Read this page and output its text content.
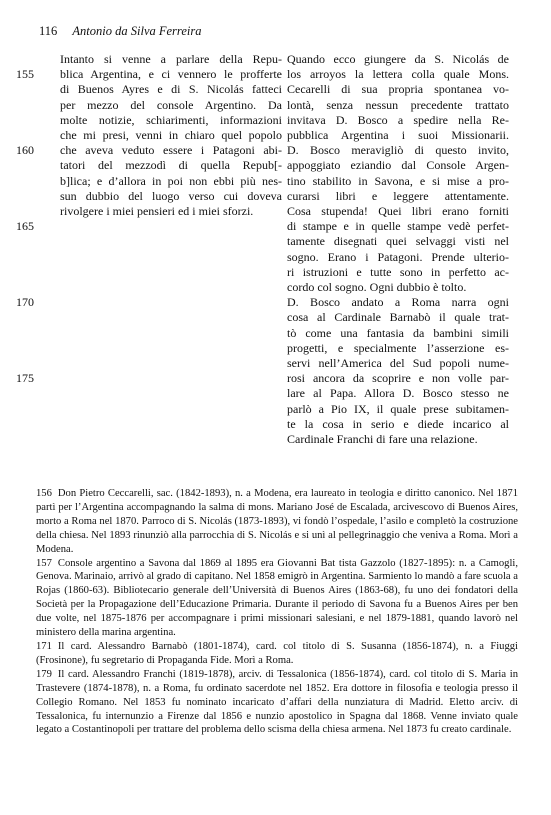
116 Antonio da Silva Ferreira
155
160
165
170
175

Intanto si venne a parlare della Repu-

blica Argentina, e ci vennero le profferte

di Buenos Ayres e di S. Nicolás fatteci

per mezzo del console Argentino. Da

molte notizie, schiarimenti, informazioni

che mi presi, venni in chiaro quel popolo

che aveva veduto essere i Patagoni abi-

tatori del mezzodì di quella Repub[-

b]lica; e d’allora in poi non ebbi più nes-

sun dubbio del luogo verso cui doveva

rivolgere i miei pensieri ed i miei sforzi.

Quando ecco giungere da S. Nicolás de

los arroyos la lettera colla quale Mons.

Cecarelli di sua propria spontanea vo-

lontà, senza nessun precedente trattato

invitava D. Bosco a spedire nella Re-

pubblica Argentina i suoi Missionarii.

D. Bosco meravigliò di questo invito,

appoggiato eziandio dal Console Argen-

tino stabilito in Savona, e si mise a pro-

curarsi libri e leggere attentamente.

Cosa stupenda! Quei libri erano forniti

di stampe e in quelle stampe vedè perfet-

tamente disegnati quei selvaggi visti nel

sogno. Erano i Patagoni. Prende ulterio-

ri istruzioni e tutte sono in perfetto ac-

cordo col sogno. Ogni dubbio è tolto.

D. Bosco andato a Roma narra ogni

cosa al Cardinale Barnabò il quale trat-

tò come una fantasia da bambini simili

progetti, e specialmente l’asserzione es-

servi nell’America del Sud popoli nume-

rosi ancora da scoprire e non volle par-

lare al Papa. Allora D. Bosco stesso ne

parlò a Pio IX, il quale prese subitamen-

te la cosa in serio e diede incarico al

Cardinale Franchi di fare una relazione.

156 Don Pietro Ceccarelli, sac. (1842-1893), n. a Modena, era laureato in teologia e diritto canonico. Nel 1871 partì per l’Argentina accompagnando la salma di mons. Mariano José de Escalada, arcivescovo di Buenos Aires, morto a Roma nel 1870. Parroco di S. Nicolás (1873-1893), vi fondò l’ospedale, l’asilo e completò la costruzione della chiesa. Nel 1893 rinunziò alla parrocchia di S. Nicolás e si unì al pellegrinaggio che veniva a Roma. Morì a Modena.

157 Console argentino a Savona dal 1869 al 1895 era Giovanni Bat tista Gazzolo (1827-1895): n. a Camogli, Genova. Marinaio, arrivò al grado di capitano. Nel 1858 emigrò in Argentina. Sarmiento lo mandò a fare scuola a Rojas (1860-63). Bibliotecario generale dell’Università di Buenos Aires (1863-68), fu uno dei fondatori della Società per la Propagazione dell’Educazione Primaria. Durante il periodo di Savona fu a Buenos Aires per ben due volte, nel 1875-1876 per accompagnare i primi missionari salesiani, e nel 1879-1881, quando lavorò nel ministero della marina argentina.

171 Il card. Alessandro Barnabò (1801-1874), card. col titolo di S. Susanna (1856-1874), n. a Fiuggi (Frosinone), fu segretario di Propaganda Fide. Morì a Roma.

179 Il card. Alessandro Franchi (1819-1878), arciv. di Tessalonica (1856-1874), card. col titolo di S. Maria in Trastevere (1874-1878), n. a Roma, fu ordinato sacerdote nel 1852. Era dottore in filosofia e teologia presso il Collegio Romano. Nel 1853 fu nominato incaricato d’affari della nunziatura di Madrid. Eletto arciv. di Tessalonica, fu internunzio a Firenze dal 1856 e nunzio apostolico in Spagna dal 1868. Venne inviato quale legato a Costantinopoli per trattare del problema dello scisma della chiesa armena. Nel 1873 fu creato cardinale.
